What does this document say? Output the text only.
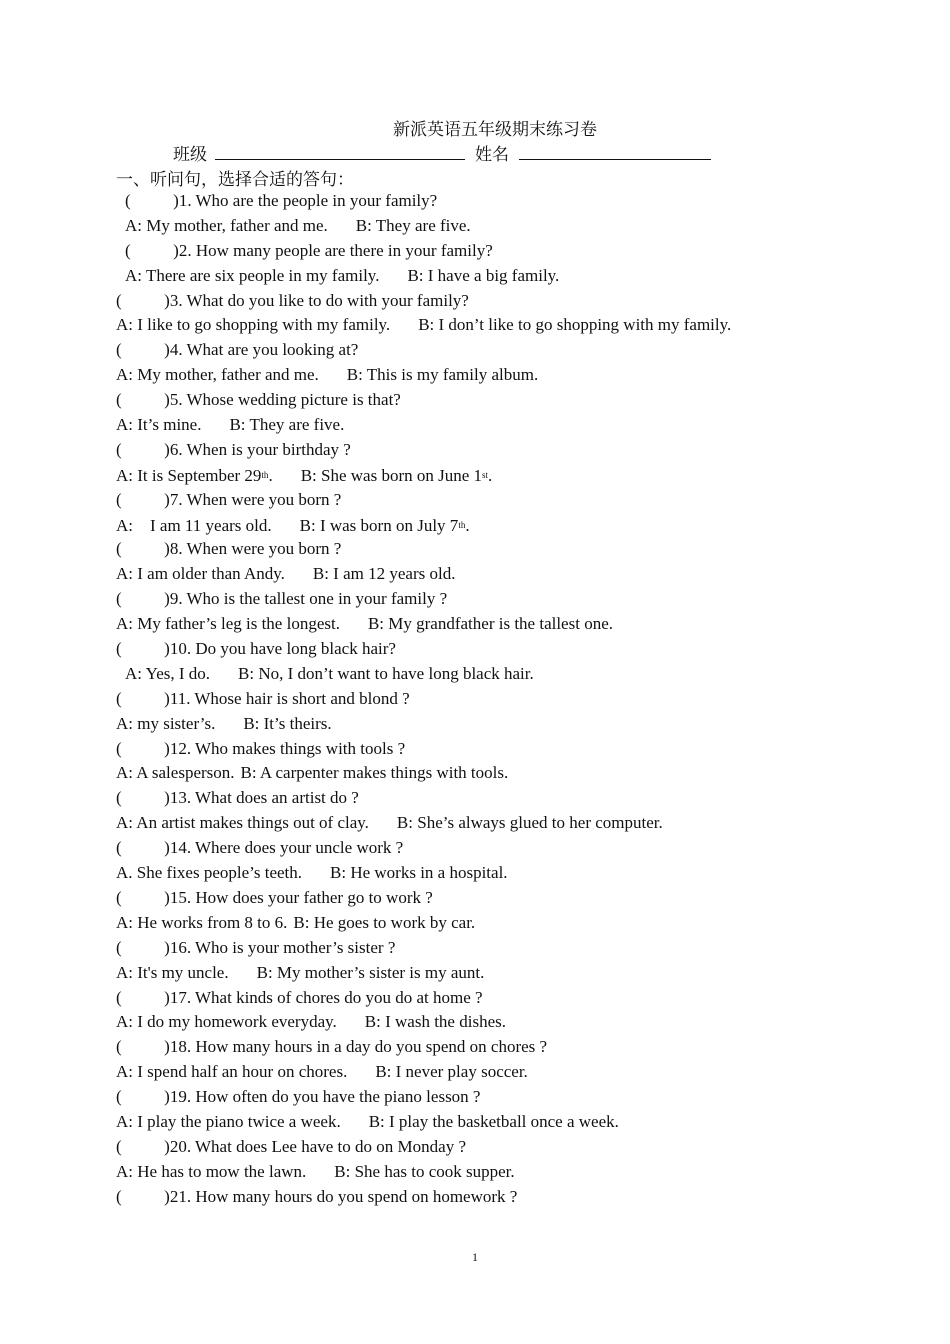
新派英语五年级期末练习卷
班级	姓名
一、听问句，选择合适的答句：
(          )1. Who are the people in your family?
A: My mother, father and me. B: They are five.
(          )2. How many people are there in your family?
A: There are six people in my family. B: I have a big family.
(          )3. What do you like to do with your family?
A: I like to go shopping with my family. B: I don’t like to go shopping with my family.
(          )4. What are you looking at?
A: My mother, father and me. B: This is my family album.
(          )5. Whose wedding picture is that?
A: It’s mine. B: They are five.
(          )6. When is your birthday ?
A: It is September 29th. B: She was born on June 1st.
(          )7. When were you born ?
A:    I am 11 years old. B: I was born on July 7th.
(          )8. When were you born ?
A: I am older than Andy. B: I am 12 years old.
(          )9. Who is the tallest one in your family ?
A: My father’s leg is the longest. B: My grandfather is the tallest one.
(          )10. Do you have long black hair?
A: Yes, I do. B: No, I don’t want to have long black hair.
(          )11. Whose hair is short and blond ?
A: my sister’s. B: It’s theirs.
(          )12. Who makes things with tools ?
A: A salesperson. B: A carpenter makes things with tools.
(          )13. What does an artist do ?
A: An artist makes things out of clay. B: She’s always glued to her computer.
(          )14. Where does your uncle work ?
A. She fixes people’s teeth. B: He works in a hospital.
(          )15. How does your father go to work ?
A: He works from 8 to 6. B: He goes to work by car.
(          )16. Who is your mother’s sister ?
A: It's my uncle. B: My mother’s sister is my aunt.
(          )17. What kinds of chores do you do at home ?
A: I do my homework everyday. B: I wash the dishes.
(          )18. How many hours in a day do you spend on chores ?
A: I spend half an hour on chores. B: I never play soccer.
(          )19. How often do you have the piano lesson ?
A: I play the piano twice a week. B: I play the basketball once a week.
(          )20. What does Lee have to do on Monday ?
A: He has to mow the lawn. B: She has to cook supper.
(          )21. How many hours do you spend on homework ?
1
